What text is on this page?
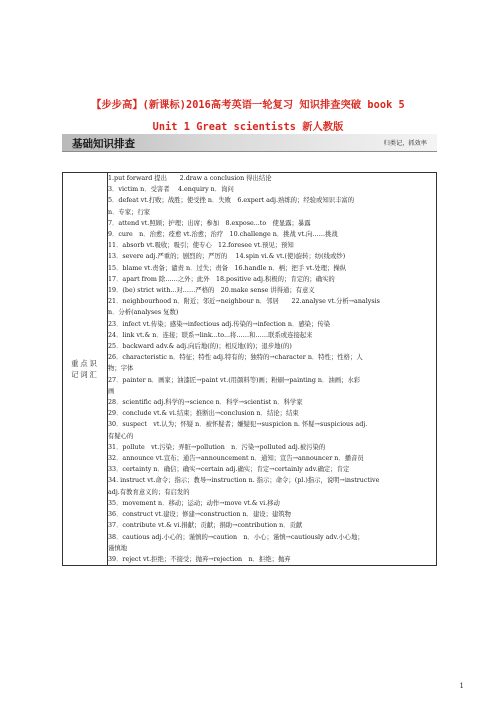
【步步高】(新课标)2016高考英语一轮复习 知识排查突破 book 5
Unit 1 Great scientists 新人教版
基础知识排查	归类记，抓效率
重点识记词汇	
1.put forward 提出　　2.draw a conclusion 得出结论
3．victim n．受害者　 4.enquiry n．询问
5．defeat vt.打败；战胜；使受挫 n．失败　6.expert adj.熟练的；经验或知识丰富的
n．专家；行家
7．attend vt.照顾；护理；出席；参加　8.expose...to　使显露；暴露
9．cure　n．治愈；痊愈 vt.治愈；治疗　10.challenge n．挑战 vt.向……挑战
11．absorb vt.吸收；吸引；使专心　12.foresee vt.预见；预知
13．severe adj.严重的；剧烈的；严厉的　 14.spin vi.& vt.(使)旋转；纺(线或纱)
15．blame vt.责备；谴责 n．过失；责备　16.handle n．柄；把手 vt.处理；操纵
17．apart from 除……之外；此外　18.positive adj.积极的；肯定的；确实的
19．(be) strict with...对……严格的　20.make sense 讲得通；有意义
21．neighbourhood n．附近；邻近→neighbour n．邻居　　22.analyse vt.分析→analysis
n．分析(analyses 复数)
23．infect vt.传染；感染→infectious adj.传染的→infection n．感染；传染
24．link vt.& n．连接；联系→link...to...将……和……联系或连接起来
25．backward adv.& adj.向后地(的)；相反地(的)；退步地(的)
26．characteristic n．特征；特性 adj.特有的；独特的→character n．特性；性格；人
物；字体
27．painter n．画家；油漆匠→paint vt.(用颜料等)画；粉刷→painting n．油画；水彩
画
28．scientific adj.科学的→science n．科学→scientist n．科学家
29．conclude vt.& vi.结束；推断出→conclusion n．结论；结束
30．suspect　vt.认为；怀疑 n．被怀疑者；嫌疑犯→suspicion n. 怀疑→suspicious adj.
有疑心的
31．pollute　vt.污染；弄脏→pollution　n．污染→polluted adj.被污染的
32．announce vt.宣布；通告→announcement n．通知；宣告→announcer n．播音员
33．certainty n．确信；确实→certain adj.确实；肯定→certainly adv.确定；肯定
34. instruct vt.命令；指示；教导→instruction n. 指示；命令；(pl.)指示，说明→instructive
adj.有教育意义的；有启发的
35．movement n．移动；运动；动作→move vt.& vi.移动
36．construct vt.建设；修建→construction n．建设；建筑物
37．contribute vt.& vi.捐献；贡献；捐助→contribution n．贡献
38．cautious adj.小心的；谨慎的→caution　n．小心；谨慎→cautiously adv.小心地；
谨慎地
39．reject vt.拒绝；不接受；抛弃→rejection　n．拒绝；抛弃
1
